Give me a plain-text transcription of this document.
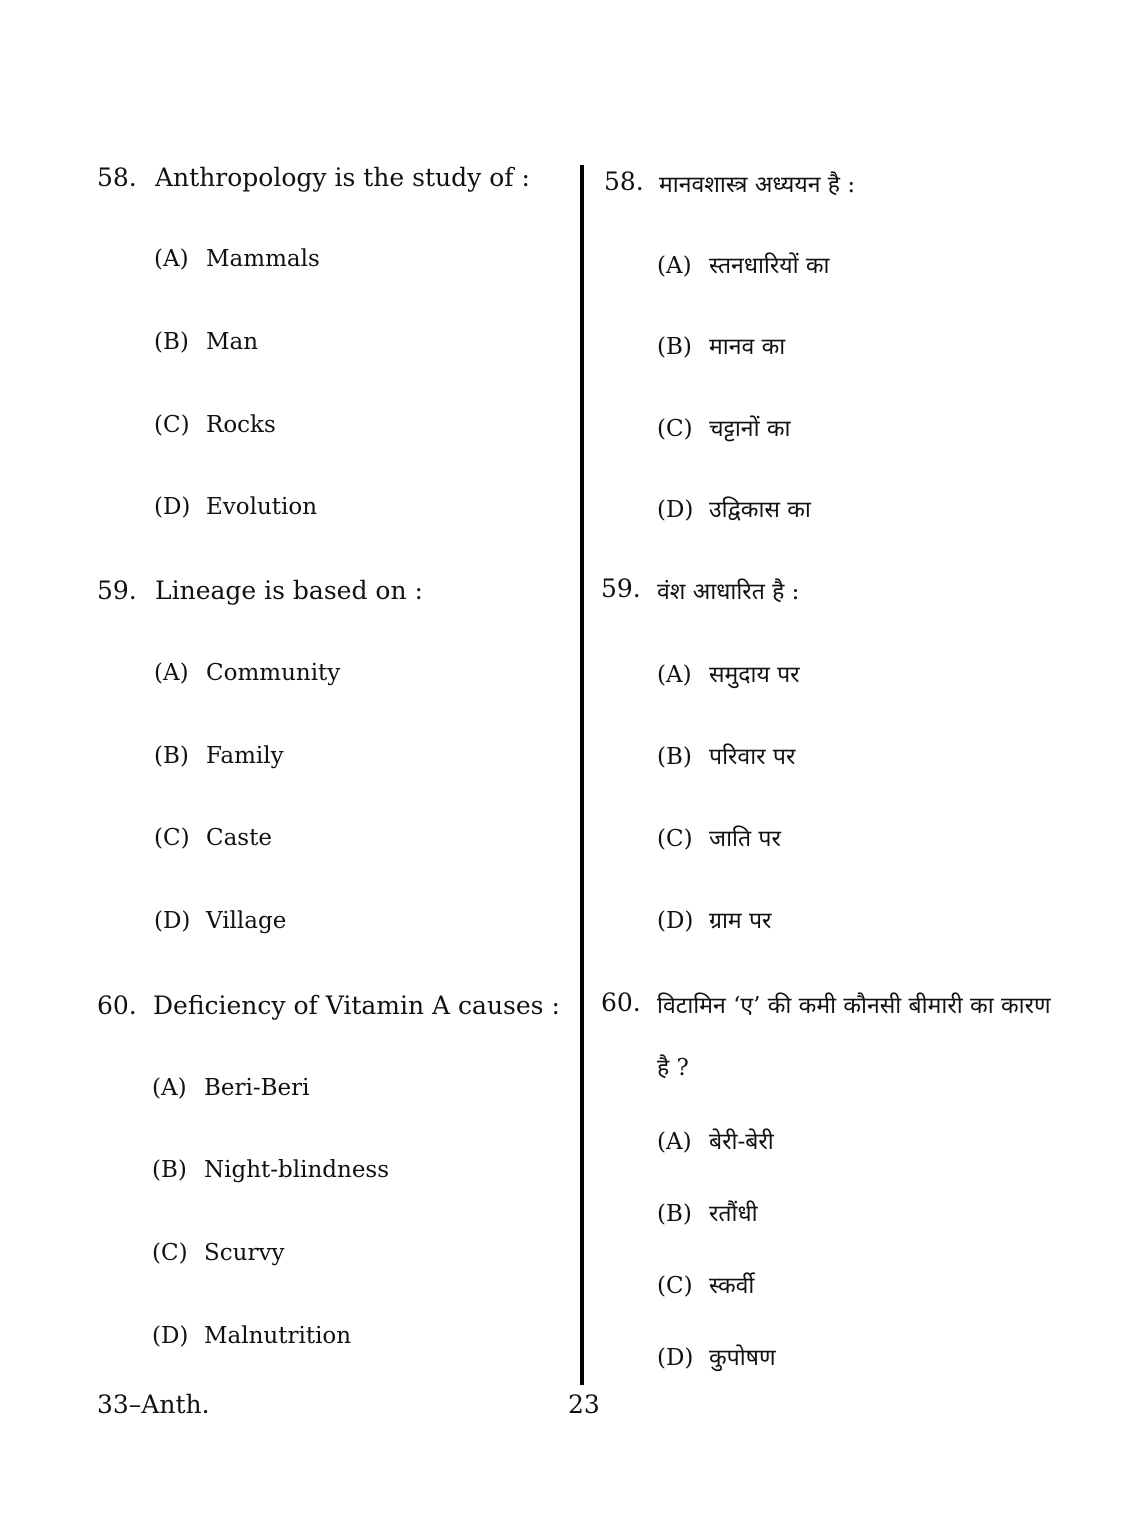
58. Anthropology is the study of :
(A) Mammals
(B) Man
(C) Rocks
(D) Evolution
59. Lineage is based on :
(A) Community
(B) Family
(C) Caste
(D) Village
60. Deficiency of Vitamin A causes :
(A) Beri-Beri
(B) Night-blindness
(C) Scurvy
(D) Malnutrition
58. मानवशास्त्र अध्ययन है :
(A) स्तनधारियों का
(B) मानव का
(C) चट्टानों का
(D) उद्विकास का
59. वंश आधारित है :
(A) समुदाय पर
(B) परिवार पर
(C) जाति पर
(D) ग्राम पर
60. विटामिन ‘ए’ की कमी कौनसी बीमारी का कारण
है ?
(A) बेरी-बेरी
(B) रतौंधी
(C) स्कर्वी
(D) कुपोषण
33–Anth.	23
